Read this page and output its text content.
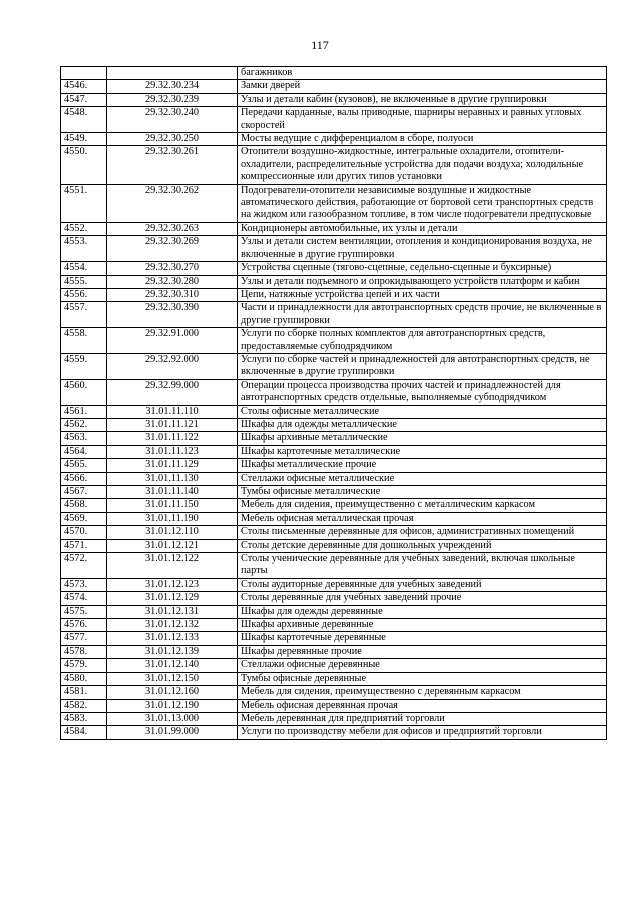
117
		багажников
4546.	29.32.30.234	Замки дверей
4547.	29.32.30.239	Узлы и детали кабин (кузовов), не включенные в другие группировки
4548.	29.32.30.240	Передачи карданные, валы приводные, шарниры неравных и равных угловых скоростей
4549.	29.32.30.250	Мосты ведущие с дифференциалом в сборе, полуоси
4550.	29.32.30.261	Отопители воздушно-жидкостные, интегральные охладители, отопители-охладители, распределительные устройства для подачи воздуха; холодильные компрессионные или других типов установки
4551.	29.32.30.262	Подогреватели-отопители независимые воздушные и жидкостные автоматического действия, работающие от бортовой сети транспортных средств на жидком или газообразном топливе, в том числе подогреватели предпусковые
4552.	29.32.30.263	Кондиционеры автомобильные, их узлы и детали
4553.	29.32.30.269	Узлы и детали систем вентиляции, отопления и кондиционирования воздуха, не включенные в другие группировки
4554.	29.32.30.270	Устройства сцепные (тягово-сцепные, седельно-сцепные и буксирные)
4555.	29.32.30.280	Узлы и детали подъемного и опрокидывающего устройств платформ и кабин
4556.	29.32.30.310	Цепи, натяжные устройства цепей и их части
4557.	29.32.30.390	Части и принадлежности для автотранспортных средств прочие, не включенные в другие группировки
4558.	29.32.91.000	Услуги по сборке полных комплектов для автотранспортных средств, предоставляемые субподрядчиком
4559.	29.32.92.000	Услуги по сборке частей и принадлежностей для автотранспортных средств, не включенные в другие группировки
4560.	29.32.99.000	Операции процесса производства прочих частей и принадлежностей для автотранспортных средств отдельные, выполняемые субподрядчиком
4561.	31.01.11.110	Столы офисные металлические
4562.	31.01.11.121	Шкафы для одежды металлические
4563.	31.01.11.122	Шкафы архивные металлические
4564.	31.01.11.123	Шкафы картотечные металлические
4565.	31.01.11.129	Шкафы металлические прочие
4566.	31.01.11.130	Стеллажи офисные металлические
4567.	31.01.11.140	Тумбы офисные металлические
4568.	31.01.11.150	Мебель для сидения, преимущественно с металлическим каркасом
4569.	31.01.11.190	Мебель офисная металлическая прочая
4570.	31.01.12.110	Столы письменные деревянные для офисов, административных помещений
4571.	31.01.12.121	Столы детские деревянные для дошкольных учреждений
4572.	31.01.12.122	Столы ученические деревянные для учебных заведений, включая школьные парты
4573.	31.01.12.123	Столы аудиторные деревянные для учебных заведений
4574.	31.01.12.129	Столы деревянные для учебных заведений прочие
4575.	31.01.12.131	Шкафы для одежды деревянные
4576.	31.01.12.132	Шкафы архивные деревянные
4577.	31.01.12.133	Шкафы картотечные деревянные
4578.	31.01.12.139	Шкафы деревянные прочие
4579.	31.01.12.140	Стеллажи офисные деревянные
4580.	31.01.12.150	Тумбы офисные деревянные
4581.	31.01.12.160	Мебель для сидения, преимущественно с деревянным каркасом
4582.	31.01.12.190	Мебель офисная деревянная прочая
4583.	31.01.13.000	Мебель деревянная для предприятий торговли
4584.	31.01.99.000	Услуги по производству мебели для офисов и предприятий торговли
